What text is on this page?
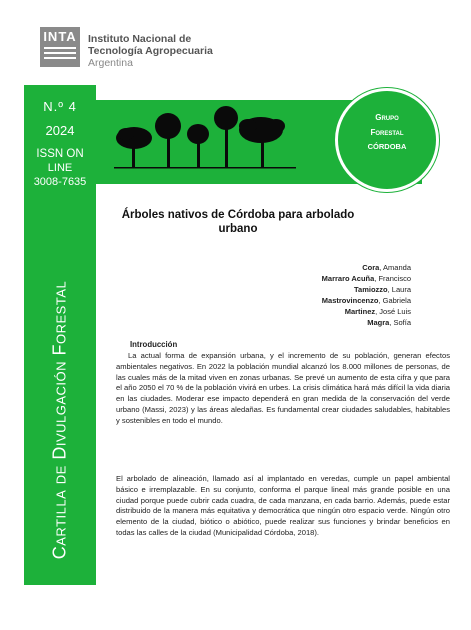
INTA	Instituto Nacional de
Tecnología Agropecuaria
Argentina
N.º 4
2024
ISSN ON
LINE
3008-7635
Cartilla de Divulgación Forestal
Grupo
Forestal
CÓRDOBA
Árboles nativos de Córdoba para arbolado
urbano
Cora, Amanda
Marraro Acuña, Francisco
Tamiozzo, Laura
Mastrovincenzo, Gabriela
Martinez, José Luis
Magra, Sofía
Introducción
La actual forma de expansión urbana, y el incremento de su población, generan efectos ambientales negativos. En 2022 la población mundial alcanzó los 8.000 millones de personas, de las cuales más de la mitad viven en zonas urbanas. Se prevé un aumento de esta cifra y que para el año 2050 el 70 % de la población vivirá en urbes. La crisis climática hará más difícil la vida diaria en las ciudades. Moderar ese impacto dependerá en gran medida de la conservación del verde urbano (Massi, 2023) y las áreas aledañas. Es fundamental crear ciudades saludables, habitables y sostenibles en todo el mundo.
El arbolado de alineación, llamado así al implantado en veredas, cumple un papel ambiental básico e irremplazable. En su conjunto, conforma el parque lineal más grande posible en una ciudad porque puede cubrir cada cuadra, de cada manzana, en cada barrio. Además, puede estar distribuido de la manera más equitativa y democrática que ningún otro espacio verde. Ningún otro elemento de la ciudad, biótico o abiótico, puede realizar sus funciones y brindar beneficios en todas las calles de la ciudad (Municipalidad Córdoba, 2018).
